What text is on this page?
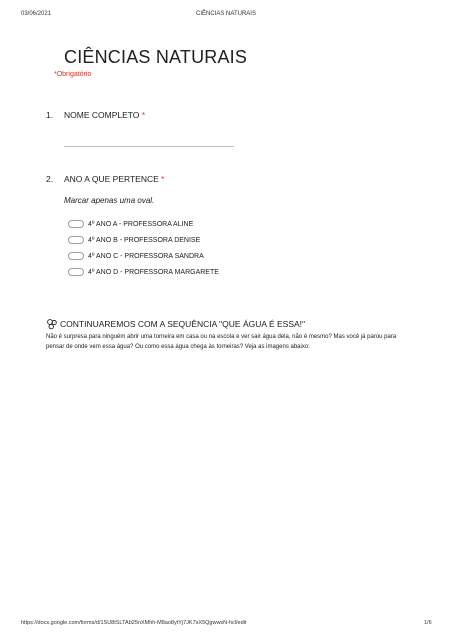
03/06/2021	CIÊNCIAS NATURAIS
CIÊNCIAS NATURAIS
*Obrigatório
1. NOME COMPLETO *
2. ANO A QUE PERTENCE *
Marcar apenas uma oval.
4º ANO A - PROFESSORA ALINE
4º ANO B - PROFESSORA DENISE
4º ANO C - PROFESSORA SANDRA
4º ANO D - PROFESSORA MARGARETE
CONTINUAREMOS COM A SEQUÊNCIA "QUE ÁGUA É ESSA!"
Não é surpresa para ninguém abrir uma torneira em casa ou na escola e ver sair água dela, não é mesmo? Mas você já parou para pensar de onde vem essa água? Ou como essa água chega às torneiras? Veja as imagens abaixo:
https://docs.google.com/forms/d/1SU8tSLTAb25nXMhh-M8ao8ytYj7JK7sX5QgwwsN-hcl/edit	1/6
